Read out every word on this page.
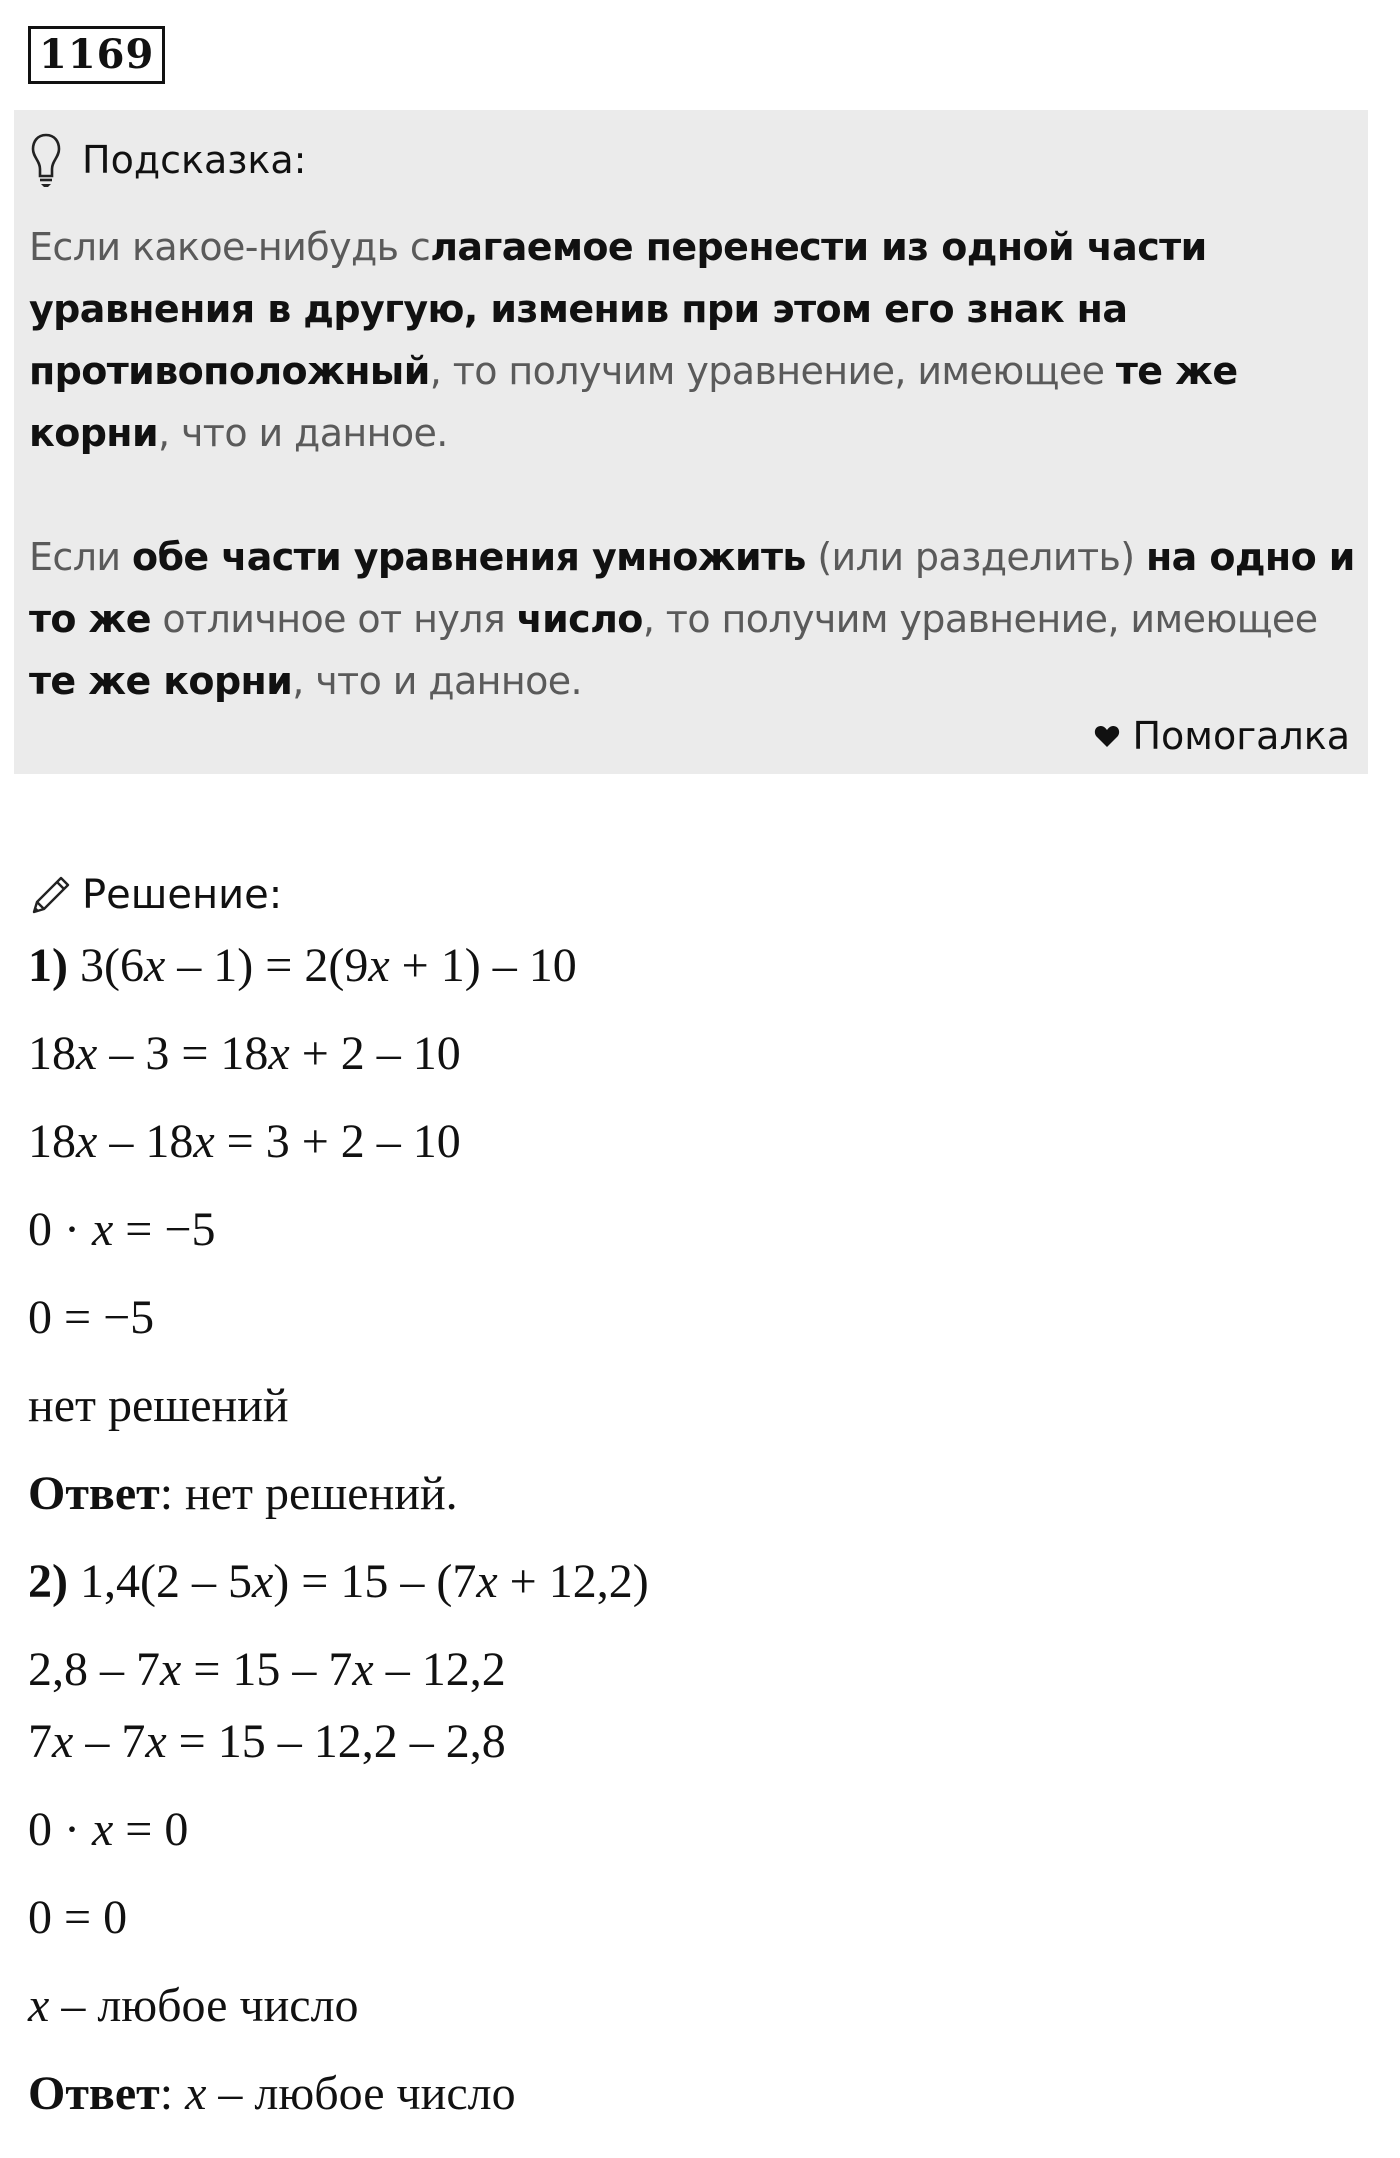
1169
Подсказка:
Если какое-нибудь слагаемое перенести из одной части уравнения в другую, изменив при этом его знак на противоположный, то получим уравнение, имеющее те же корни, что и данное.
Если обе части уравнения умножить (или разделить) на одно и то же отличное от нуля число, то получим уравнение, имеющее те же корни, что и данное.
Помогалка
Решение:
1) 3(6x – 1) = 2(9x + 1) – 10
18x – 3 = 18x + 2 – 10
18x – 18x = 3 + 2 – 10
0 · x = −5
0 = −5
нет решений
Ответ: нет решений.
2) 1,4(2 – 5x) = 15 – (7x + 12,2)
2,8 – 7x = 15 – 7x – 12,2
7x – 7x = 15 – 12,2 – 2,8
0 · x = 0
0 = 0
x – любое число
Ответ: x – любое число
